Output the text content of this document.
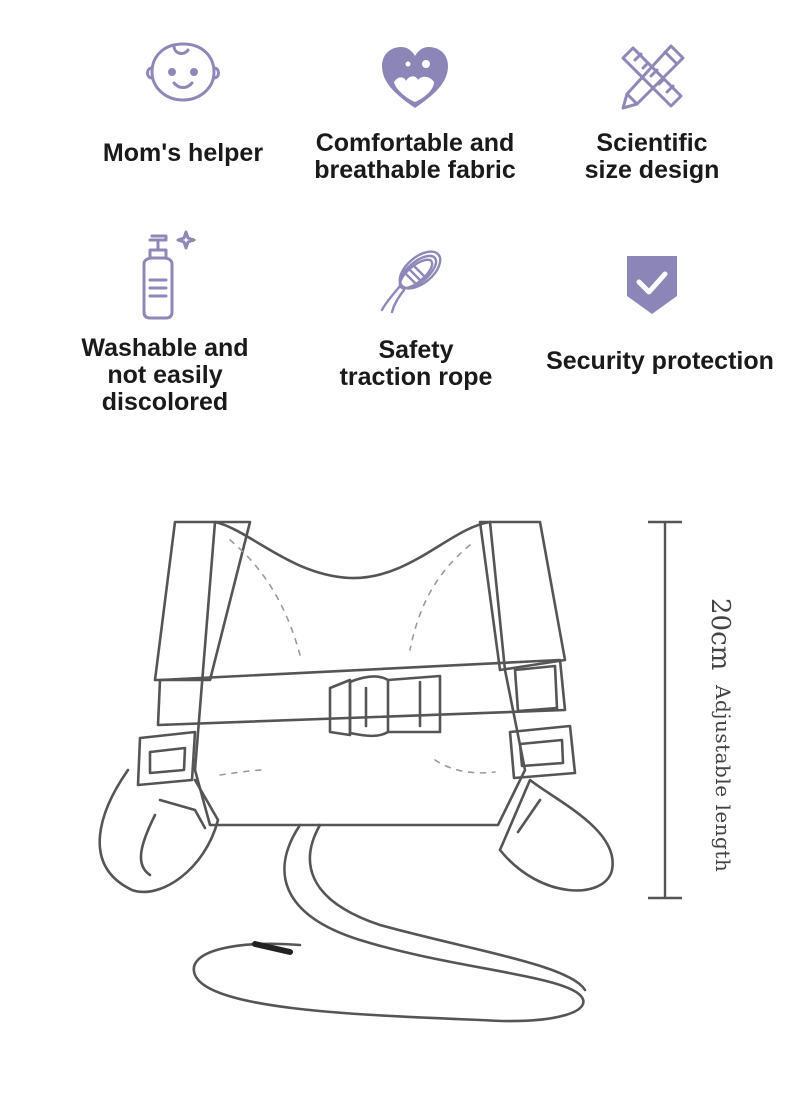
Mom's helper	Comfortable and
breathable fabric
Scientific
size design
Washable and
not easily
discolored
Safety
traction rope
Security protection
20cm
Adjustable length
